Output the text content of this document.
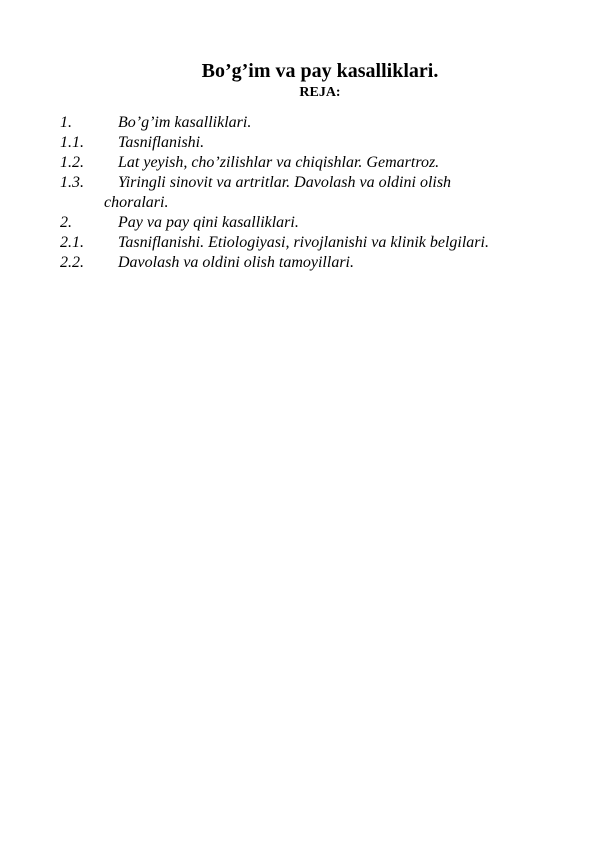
Bo’g’im va pay kasalliklari.
REJA:
1.	Bo’g’im kasalliklari.
1.1.	Tasniflanishi.
1.2.	Lat yeyish, cho’zilishlar va chiqishlar. Gemartroz.
1.3.	Yiringli sinovit va artritlar. Davolash va oldini olish
choralari.
2.	Pay va pay qini kasalliklari.
2.1.	Tasniflanishi. Etiologiyasi, rivojlanishi va klinik belgilari.
2.2.	Davolash va oldini olish tamoyillari.
